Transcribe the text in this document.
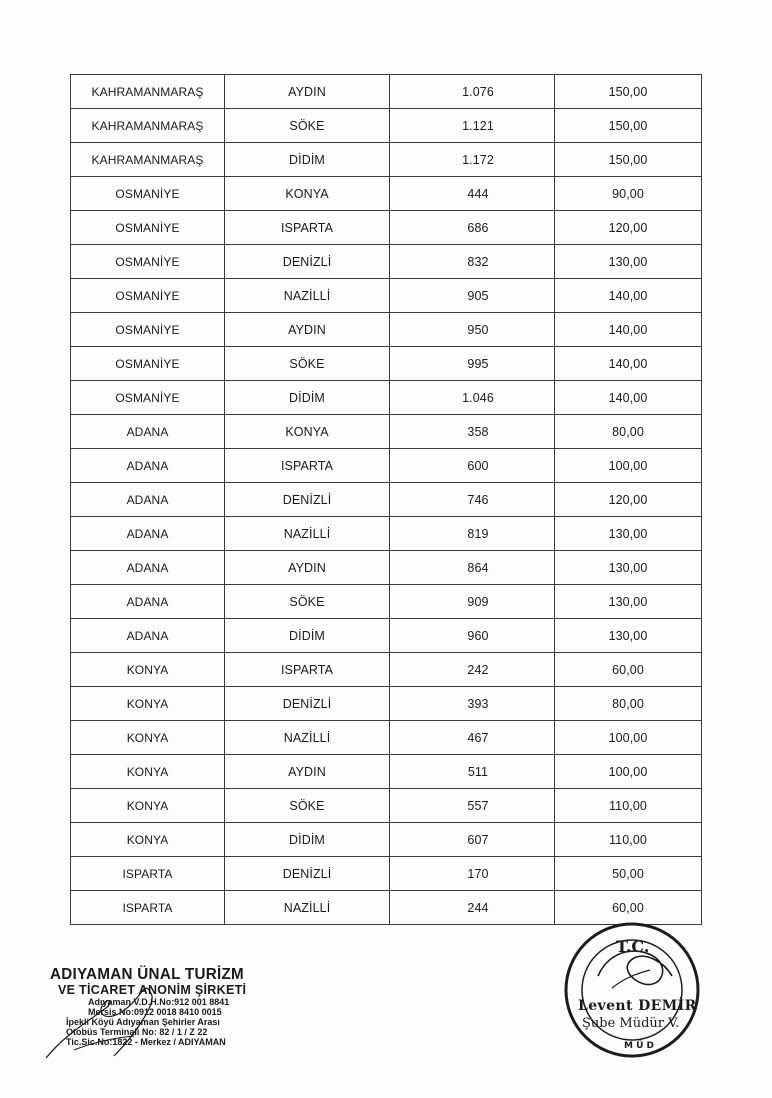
KAHRAMANMARAŞ	AYDIN	1.076	150,00
KAHRAMANMARAŞ	SÖKE	1.121	150,00
KAHRAMANMARAŞ	DİDİM	1.172	150,00
OSMANİYE	KONYA	444	90,00
OSMANİYE	ISPARTA	686	120,00
OSMANİYE	DENİZLİ	832	130,00
OSMANİYE	NAZİLLİ	905	140,00
OSMANİYE	AYDIN	950	140,00
OSMANİYE	SÖKE	995	140,00
OSMANİYE	DİDİM	1.046	140,00
ADANA	KONYA	358	80,00
ADANA	ISPARTA	600	100,00
ADANA	DENİZLİ	746	120,00
ADANA	NAZİLLİ	819	130,00
ADANA	AYDIN	864	130,00
ADANA	SÖKE	909	130,00
ADANA	DİDİM	960	130,00
KONYA	ISPARTA	242	60,00
KONYA	DENİZLİ	393	80,00
KONYA	NAZİLLİ	467	100,00
KONYA	AYDIN	511	100,00
KONYA	SÖKE	557	110,00
KONYA	DİDİM	607	110,00
ISPARTA	DENİZLİ	170	50,00
ISPARTA	NAZİLLİ	244	60,00
ADIYAMAN ÜNAL TURİZM
VE TİCARET ANONİM ŞİRKETİ
Adıyaman V.D.H.No:912 001 8841
Mersis No:0912 0018 8410 0015
İpekli Köyü Adıyaman Şehirler Arası
Otobüs Terminali No: 82 / 1 / Z 22
Tic.Sic.No:1822 - Merkez / ADIYAMAN
T.C.
M Ü D
Levent DEMİR
Şube Müdür V.
